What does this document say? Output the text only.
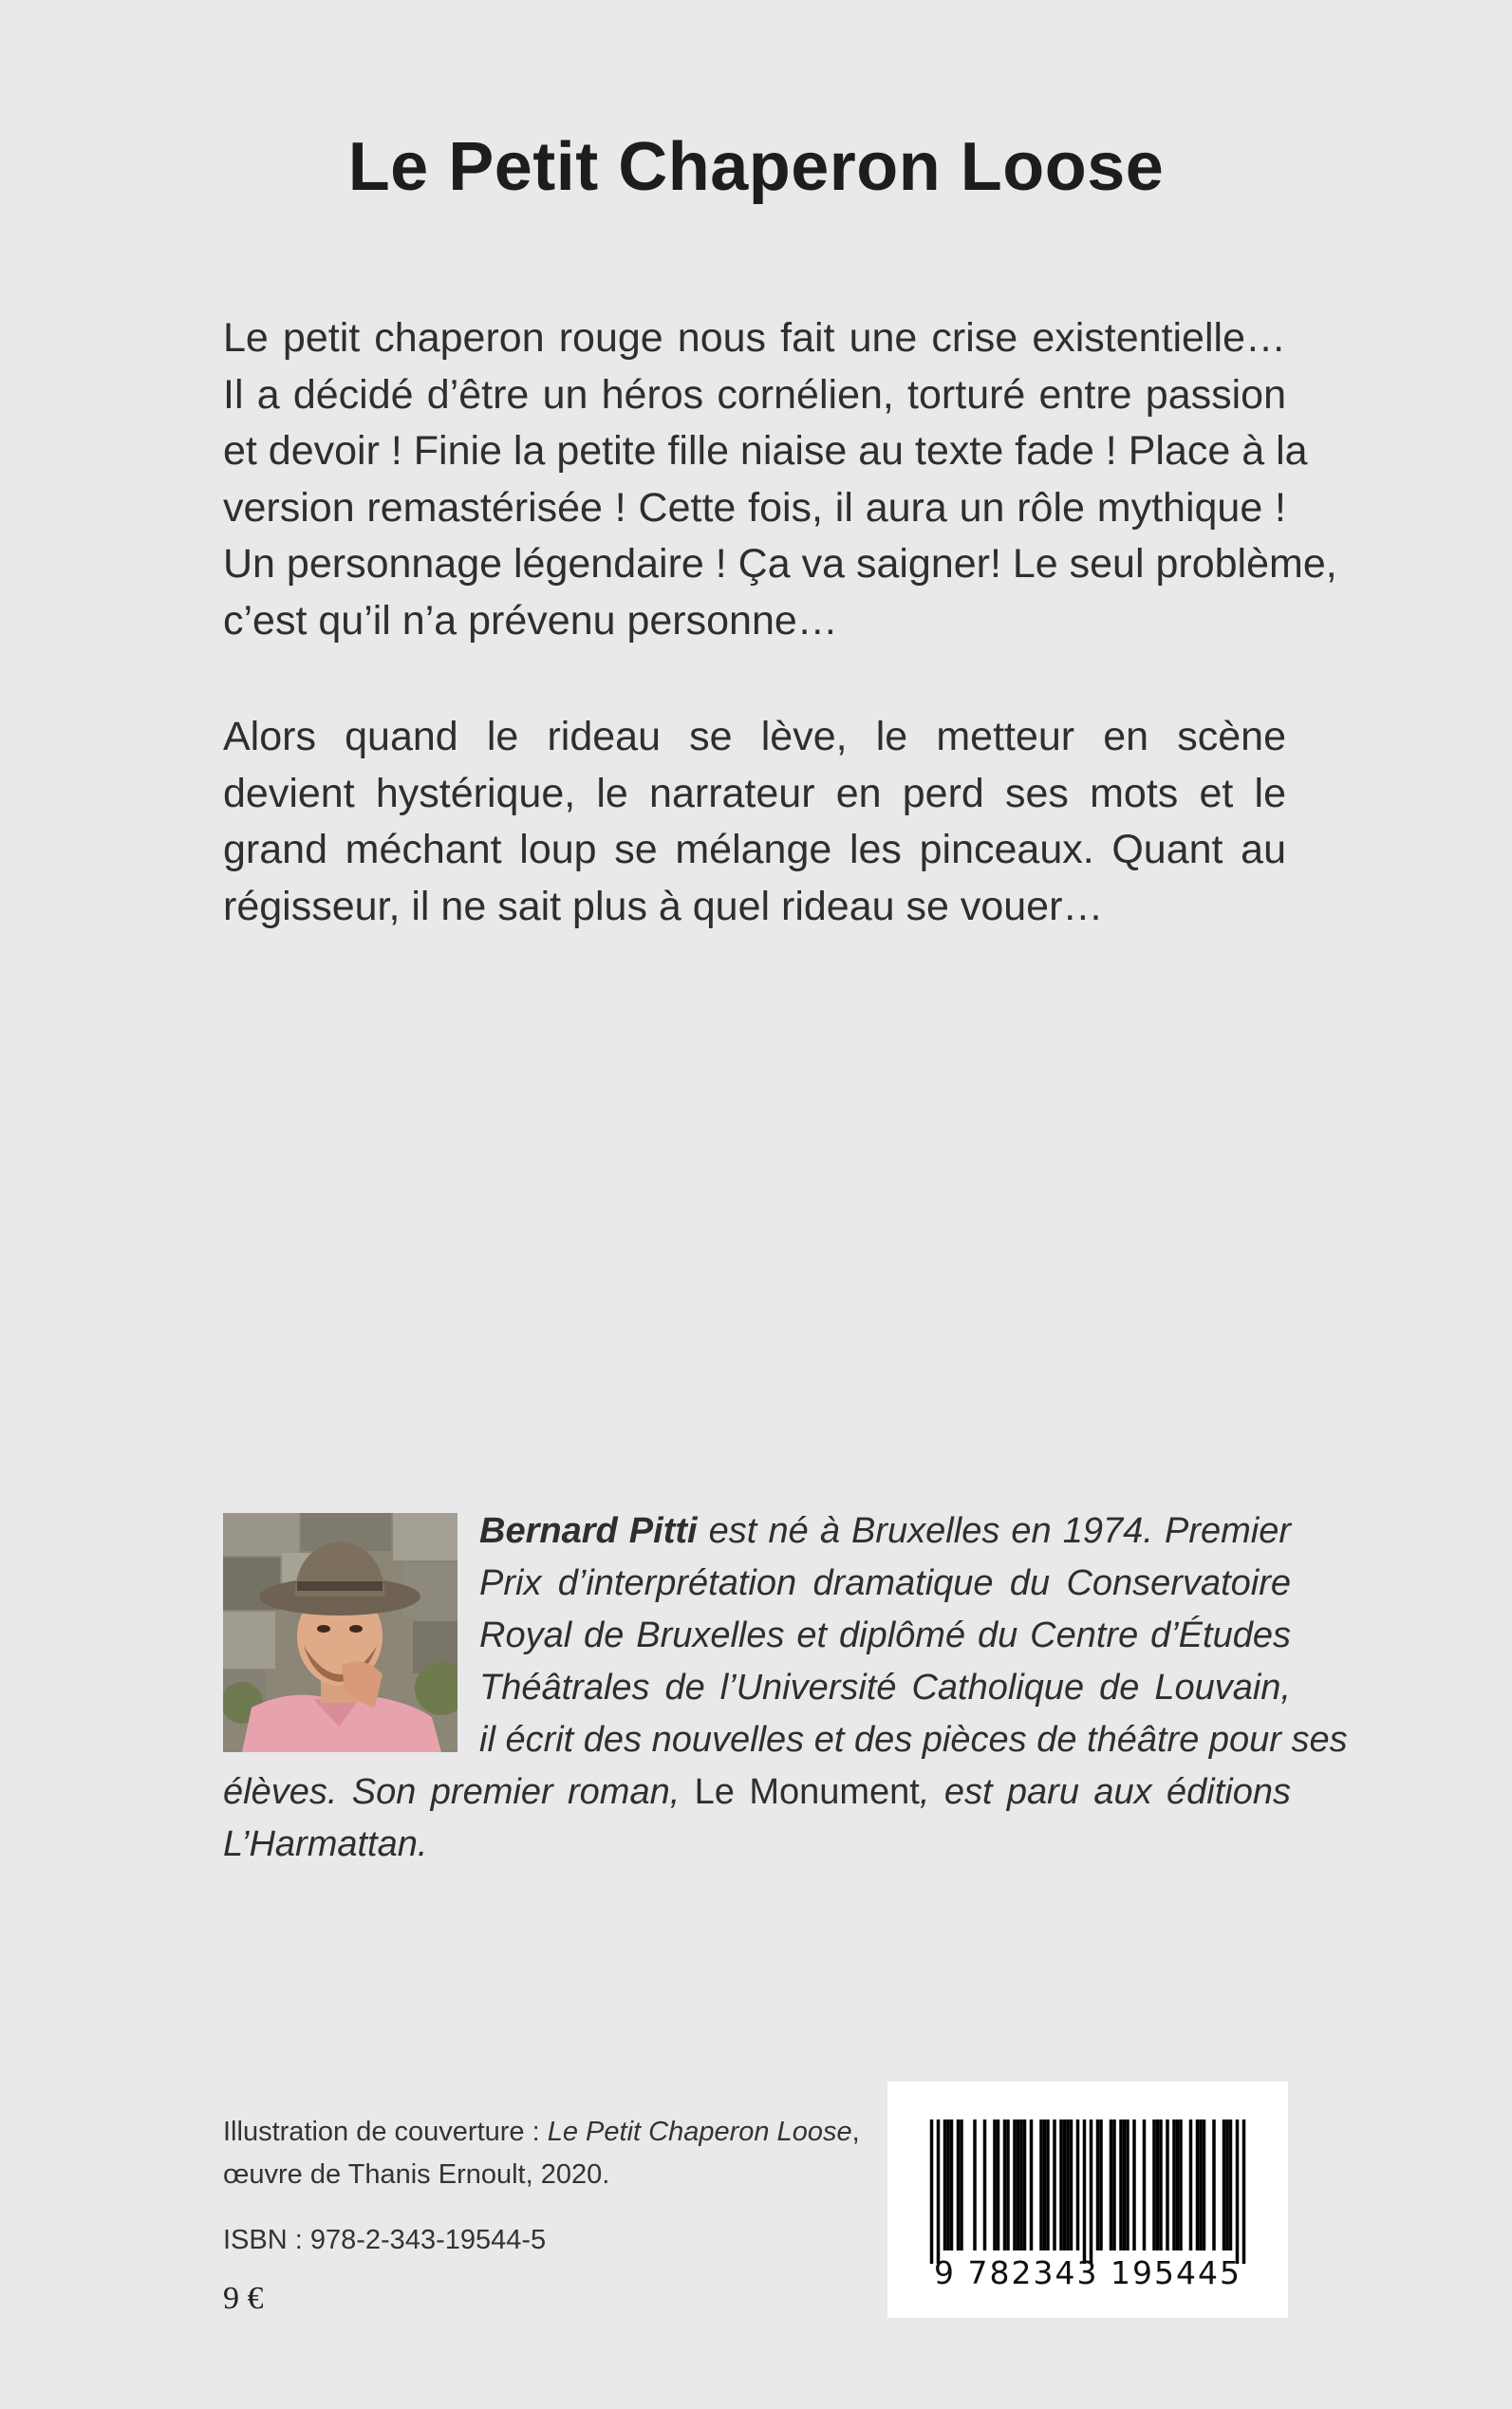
Le Petit Chaperon Loose
Le petit chaperon rouge nous fait une crise existentielle…
Il a décidé d’être un héros cornélien, torturé entre passion
et devoir ! Finie la petite fille niaise au texte fade ! Place à la
version remastérisée ! Cette fois, il aura un rôle mythique !
Un personnage légendaire ! Ça va saigner! Le seul problème,
c’est qu’il n’a prévenu personne…
Alors quand le rideau se lève, le metteur en scène
devient hystérique, le narrateur en perd ses mots et le
grand méchant loup se mélange les pinceaux. Quant au
régisseur, il ne sait plus à quel rideau se vouer…
Bernard Pitti est né à Bruxelles en 1974. Premier
Prix d’interprétation dramatique du Conservatoire
Royal de Bruxelles et diplômé du Centre d’Études
Théâtrales de l’Université Catholique de Louvain,
il écrit des nouvelles et des pièces de théâtre pour ses
élèves. Son premier roman, Le Monument, est paru aux éditions
L’Harmattan.
Illustration de couverture : Le Petit Chaperon Loose,
œuvre de Thanis Ernoult, 2020.
ISBN : 978-2-343-19544-5
9 €
9 782343 195445
